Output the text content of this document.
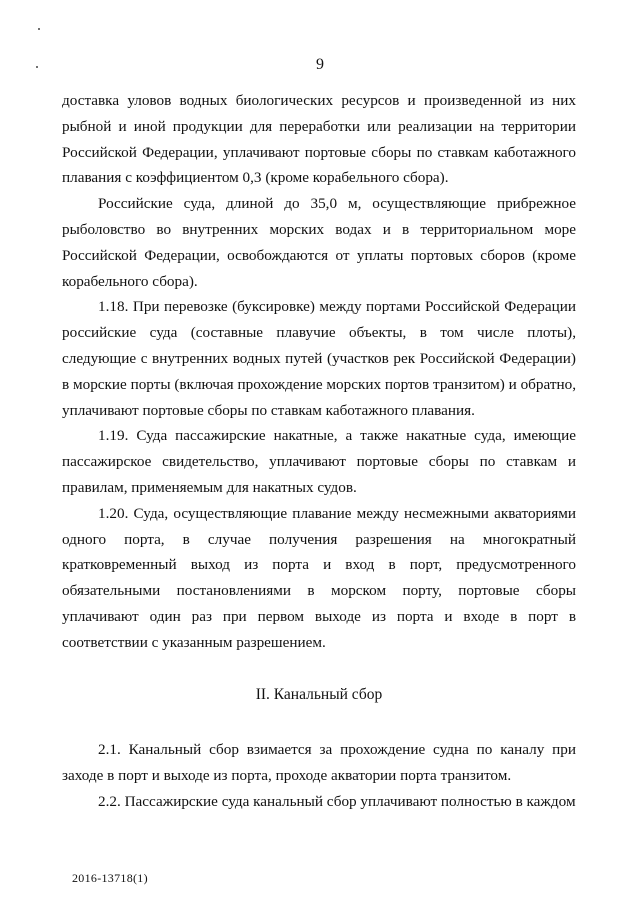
9

доставка уловов водных биологических ресурсов и произведенной из них рыбной и иной продукции для переработки или реализации на территории Российской Федерации, уплачивают портовые сборы по ставкам каботажного плавания с коэффициентом 0,3 (кроме корабельного сбора).

Российские суда, длиной до 35,0 м, осуществляющие прибрежное рыболовство во внутренних морских водах и в территориальном море Российской Федерации, освобождаются от уплаты портовых сборов (кроме корабельного сбора).

1.18. При перевозке (буксировке) между портами Российской Федерации российские суда (составные плавучие объекты, в том числе плоты), следующие с внутренних водных путей (участков рек Российской Федерации) в морские порты (включая прохождение морских портов транзитом) и обратно, уплачивают портовые сборы по ставкам каботажного плавания.

1.19. Суда пассажирские накатные, а также накатные суда, имеющие пассажирское свидетельство, уплачивают портовые сборы по ставкам и правилам, применяемым для накатных судов.

1.20. Суда, осуществляющие плавание между несмежными акваториями одного порта, в случае получения разрешения на многократный кратковременный выход из порта и вход в порт, предусмотренного обязательными постановлениями в морском порту, портовые сборы уплачивают один раз при первом выходе из порта и входе в порт в соответствии с указанным разрешением.

II. Канальный сбор

2.1. Канальный сбор взимается за прохождение судна по каналу при заходе в порт и выходе из порта, проходе акватории порта транзитом.

2.2. Пассажирские суда канальный сбор уплачивают полностью в каждом

2016-13718(1)
